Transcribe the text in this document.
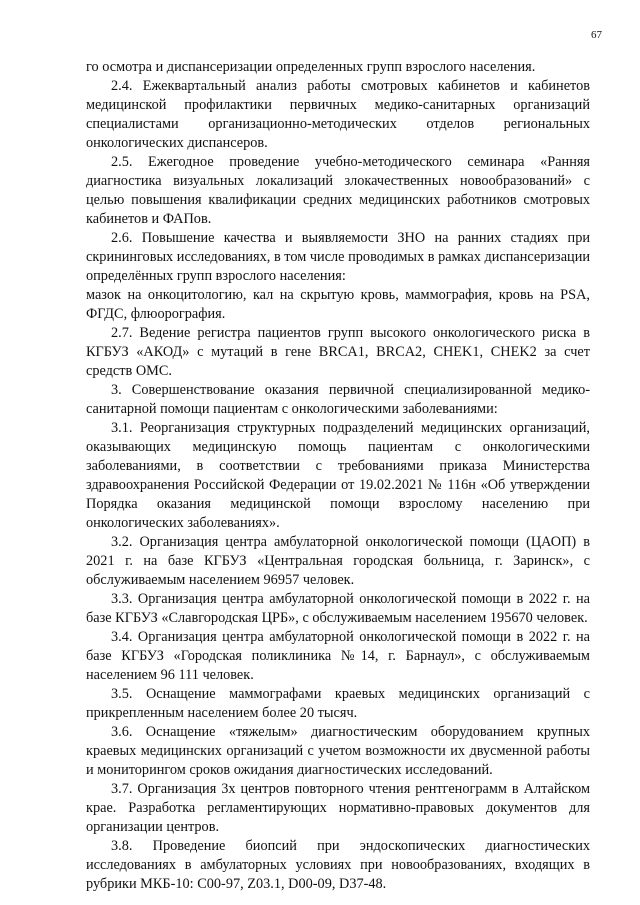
67

го осмотра и диспансеризации определенных групп взрослого населения.

2.4. Ежеквартальный анализ работы смотровых кабинетов и кабинетов медицинской профилактики первичных медико-санитарных организаций специалистами организационно-методических отделов региональных онкологических диспансеров.

2.5. Ежегодное проведение учебно-методического семинара «Ранняя диагностика визуальных локализаций злокачественных новообразований» с целью повышения квалификации средних медицинских работников смотровых кабинетов и ФАПов.

2.6. Повышение качества и выявляемости ЗНО на ранних стадиях при скрининговых исследованиях, в том числе проводимых в рамках диспансеризации определённых групп взрослого населения:

мазок на онкоцитологию, кал на скрытую кровь, маммография, кровь на PSA, ФГДС, флюорография.

2.7. Ведение регистра пациентов групп высокого онкологического риска в КГБУЗ «АКОД» с мутаций в гене BRCA1, BRCA2, CHEK1, CHEK2 за счет средств ОМС.

3. Совершенствование оказания первичной специализированной медико-санитарной помощи пациентам с онкологическими заболеваниями:

3.1. Реорганизация структурных подразделений медицинских организаций, оказывающих медицинскую помощь пациентам с онкологическими заболеваниями, в соответствии с требованиями приказа Министерства здравоохранения Российской Федерации от 19.02.2021 № 116н «Об утверждении Порядка оказания медицинской помощи взрослому населению при онкологических заболеваниях».

3.2. Организация центра амбулаторной онкологической помощи (ЦАОП) в 2021 г. на базе КГБУЗ «Центральная городская больница, г. Заринск», с обслуживаемым населением 96957 человек.

3.3. Организация центра амбулаторной онкологической помощи в 2022 г. на базе КГБУЗ «Славгородская ЦРБ», с обслуживаемым населением 195670 человек.

3.4. Организация центра амбулаторной онкологической помощи в 2022 г. на базе КГБУЗ «Городская поликлиника №14, г. Барнаул», с обслуживаемым населением 96 111 человек.

3.5. Оснащение маммографами краевых медицинских организаций с прикрепленным населением более 20 тысяч.

3.6. Оснащение «тяжелым» диагностическим оборудованием крупных краевых медицинских организаций с учетом возможности их двусменной работы и мониторингом сроков ожидания диагностических исследований.

3.7. Организация 3х центров повторного чтения рентгенограмм в Алтайском крае. Разработка регламентирующих нормативно-правовых документов для организации центров.

3.8. Проведение биопсий при эндоскопических диагностических исследованиях в амбулаторных условиях при новообразованиях, входящих в рубрики МКБ-10: C00-97, Z03.1, D00-09, D37-48.
